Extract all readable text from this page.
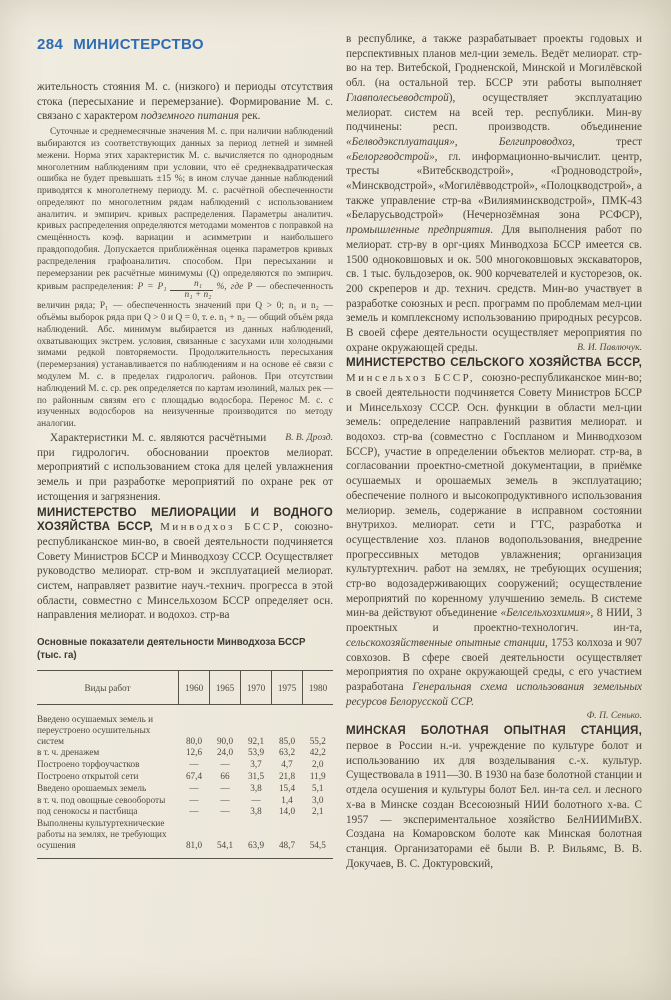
284 МИНИСТЕРСТВО

жительность стояния М. с. (низкого) и периоды отсутствия стока (пересыхание и перемерзание). Формирование М. с. связано с характером подземного питания рек.

Суточные и среднемесячные значения М. с. при наличии наблюдений выбираются из соответствующих данных за период летней и зимней межени. Норма этих характеристик М. с. вычисляется по однородным многолетним наблюдениям при условии, что её среднеквадратическая ошибка не будет превышать ±15 %; в ином случае данные наблюдений приводятся к многолетнему периоду. М. с. расчётной обеспеченности определяют по многолетним рядам наблюдений с использованием аналитич. и эмпирич. кривых распределения. Параметры аналитич. кривых распределения определяются методами моментов с поправкой на смещённость коэф. вариации и асимметрии и наибольшего правдоподобия. Допускается приближённая оценка параметров кривых распределения графоаналитич. способом. При пересыхании и перемерзании рек расчётные минимумы (Q) определяются по эмпирич. кривым распределения: $P = P_1 \frac{\text{n₁}}{\text{n₁ + n₂}}$ %, где P — обеспеченность величин ряда; P₁ — обеспеченность значений при Q > 0; n₁ и n₂ — объёмы выборок ряда при Q > 0 и Q = 0, т. е. n₁ + n₂ — общий объём ряда наблюдений. Абс. минимум выбирается из данных наблюдений, охватывающих экстрем. условия, связанные с засухами или холодными зимами редкой повторяемости. Продолжительность пересыхания (перемерзания) устанавливается по наблюдениям и на основе её связи с модулем М. с. в пределах гидрологич. районов. При отсутствии наблюдений М. с. ср. рек определяется по картам изолиний, малых рек — по районным связям его с площадью водосбора. Перенос М. с. с изученных водосборов на неизученные производится по методу аналогии.

В. В. Дрозд.
Характеристики М. с. являются расчётными при гидрологич. обосновании проектов мелиорат. мероприятий с использованием стока для целей увлажнения земель и при разработке мероприятий по охране рек от истощения и загрязнения.

МИНИСТЕРСТВО МЕЛИОРАЦИИ И ВОДНОГО ХОЗЯЙСТВА БССР, Минводхоз БССР, союзно-республиканское мин-во, в своей деятельности подчиняется Совету Министров БССР и Минводхозу СССР. Осуществляет руководство мелиорат. стр-вом и эксплуатацией мелиорат. систем, направляет развитие науч.-технич. прогресса в этой области, совместно с Минсельхозом БССР определяет осн. направления мелиорат. и водохоз. стр-ва

Основные показатели деятельности Минводхоза БССР
(тыс. га)
Виды работ	1960	1965	1970	1975	1980
Введено осушаемых земель и переустроено осушительных систем	80,0	90,0	92,1	85,0	55,2
в т. ч. дренажем	12,6	24,0	53,9	63,2	42,2
Построено торфоучастков	—	—	3,7	4,7	2,0
Построено открытой сети	67,4	66	31,5	21,8	11,9
Введено орошаемых земель	—	—	3,8	15,4	5,1
в т. ч. под овощные севообороты	—	—	—	1,4	3,0
под сенокосы и пастбища	—	—	3,8	14,0	2,1
Выполнены культуртехнические работы на землях, не требующих осушения	81,0	54,1	63,9	48,7	54,5

в республике, а также разрабатывает проекты годовых и перспективных планов мел-ции земель. Ведёт мелиорат. стр-во на тер. Витебской, Гродненской, Минской и Могилёвской обл. (на остальной тер. БССР эти работы выполняет Главполесьеводстрой), осуществляет эксплуатацию мелиорат. систем на всей тер. республики. Мин-ву подчинены: респ. производств. объединение «Белводэксплуатация», Белгипроводхоз, трест «Белоргводстрой», гл. информационно-вычислит. центр, тресты «Витебскводстрой», «Гродноводстрой», «Минскводстрой», «Могилёвводстрой», «Полоцкводстрой», а также управление стр-ва «Вилияминскводстрой», ПМК-43 «Беларусьводстрой» (Нечернозёмная зона РСФСР), промышленные предприятия. Для выполнения работ по мелиорат. стр-ву в орг-циях Минводхоза БССР имеется св. 1500 одноковшовых и ок. 500 многоковшовых экскаваторов, св. 1 тыс. бульдозеров, ок. 900 корчевателей и кусторезов, ок. 200 скреперов и др. технич. средств. Мин-во участвует в разработке союзных и респ. программ по проблемам мел-ции земель и комплексному использованию природных ресурсов. В своей сфере деятельности осуществляет мероприятия по охране окружающей среды.	В. И. Павлючук.

МИНИСТЕРСТВО СЕЛЬСКОГО ХОЗЯЙСТВА БССР, Минсельхоз БССР, союзно-республиканское мин-во; в своей деятельности подчиняется Совету Министров БССР и Минсельхозу СССР. Осн. функции в области мел-ции земель: определение направлений развития мелиорат. и водохоз. стр-ва (совместно с Госпланом и Минводхозом БССР), участие в определении объектов мелиорат. стр-ва, в согласовании проектно-сметной документации, в приёмке осушаемых и орошаемых земель в эксплуатацию; обеспечение полного и высокопродуктивного использования мелиорир. земель, содержание в исправном состоянии внутрихоз. мелиорат. сети и ГТС, разработка и осуществление хоз. планов водопользования, внедрение прогрессивных методов увлажнения; организация культуртехнич. работ на землях, не требующих осушения; стр-во водозадерживающих сооружений; осуществление мероприятий по коренному улучшению земель. В системе мин-ва действуют объединение «Белсельхозхимия», 8 НИИ, 3 проектных и проектно-технологич. ин-та, сельскохозяйственные опытные станции, 1753 колхоза и 907 совхозов. В сфере своей деятельности осуществляет мероприятия по охране окружающей среды, с его участием разработана Генеральная схема использования земельных ресурсов Белорусской ССР.

Ф. П. Сенько.

МИНСКАЯ БОЛОТНАЯ ОПЫТНАЯ СТАНЦИЯ, первое в России н.-и. учреждение по культуре болот и использованию их для возделывания с.-х. культур. Существовала в 1911—30. В 1930 на базе болотной станции и отдела осушения и культуры болот Бел. ин-та сел. и лесного х-ва в Минске создан Всесоюзный НИИ болотного х-ва. С 1957 — экспериментальное хозяйство БелНИИМиВХ. Создана на Комаровском болоте как Минская болотная станция. Организаторами её были В. Р. Вильямс, В. В. Докучаев, В. С. Доктуровский,
